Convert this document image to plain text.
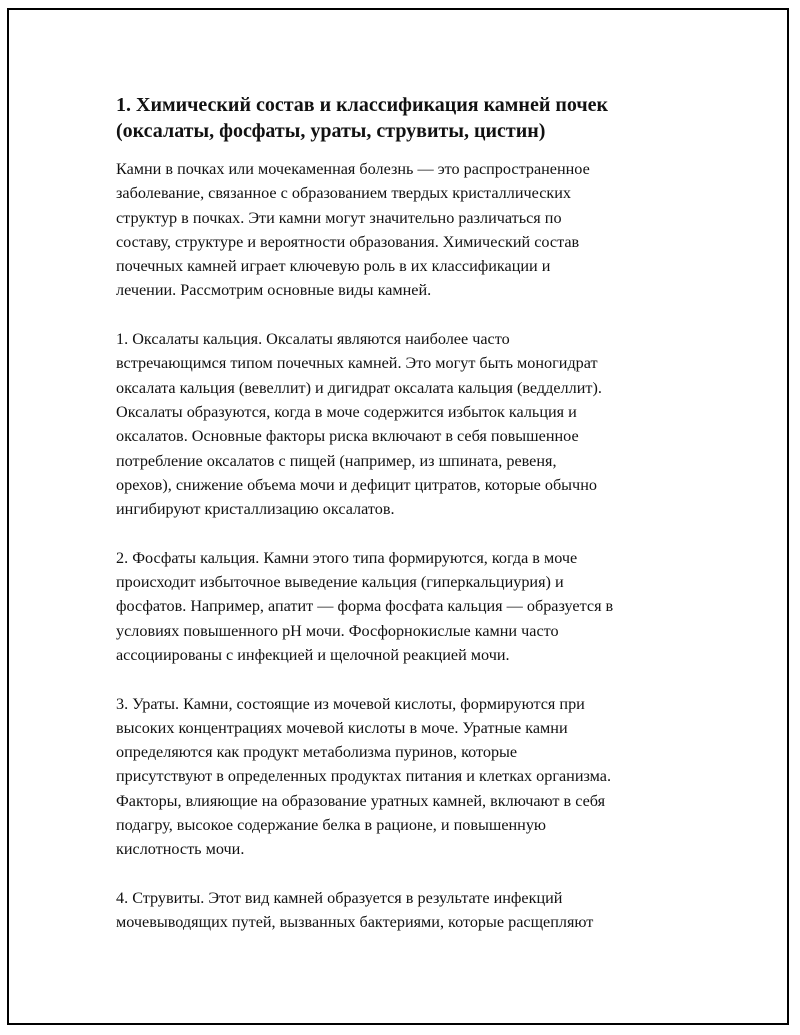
1. Химический состав и классификация камней почек
(оксалаты, фосфаты, ураты, струвиты, цистин)

Камни в почках или мочекаменная болезнь — это распространенное
заболевание, связанное с образованием твердых кристаллических
структур в почках. Эти камни могут значительно различаться по
составу, структуре и вероятности образования. Химический состав
почечных камней играет ключевую роль в их классификации и
лечении. Рассмотрим основные виды камней.

1. Оксалаты кальция. Оксалаты являются наиболее часто
встречающимся типом почечных камней. Это могут быть моногидрат
оксалата кальция (вевеллит) и дигидрат оксалата кальция (ведделлит).
Оксалаты образуются, когда в моче содержится избыток кальция и
оксалатов. Основные факторы риска включают в себя повышенное
потребление оксалатов с пищей (например, из шпината, ревеня,
орехов), снижение объема мочи и дефицит цитратов, которые обычно
ингибируют кристаллизацию оксалатов.

2. Фосфаты кальция. Камни этого типа формируются, когда в моче
происходит избыточное выведение кальция (гиперкальциурия) и
фосфатов. Например, апатит — форма фосфата кальция — образуется в
условиях повышенного pH мочи. Фосфорнокислые камни часто
ассоциированы с инфекцией и щелочной реакцией мочи.

3. Ураты. Камни, состоящие из мочевой кислоты, формируются при
высоких концентрациях мочевой кислоты в моче. Уратные камни
определяются как продукт метаболизма пуринов, которые
присутствуют в определенных продуктах питания и клетках организма.
Факторы, влияющие на образование уратных камней, включают в себя
подагру, высокое содержание белка в рационе, и повышенную
кислотность мочи.

4. Струвиты. Этот вид камней образуется в результате инфекций
мочевыводящих путей, вызванных бактериями, которые расщепляют
